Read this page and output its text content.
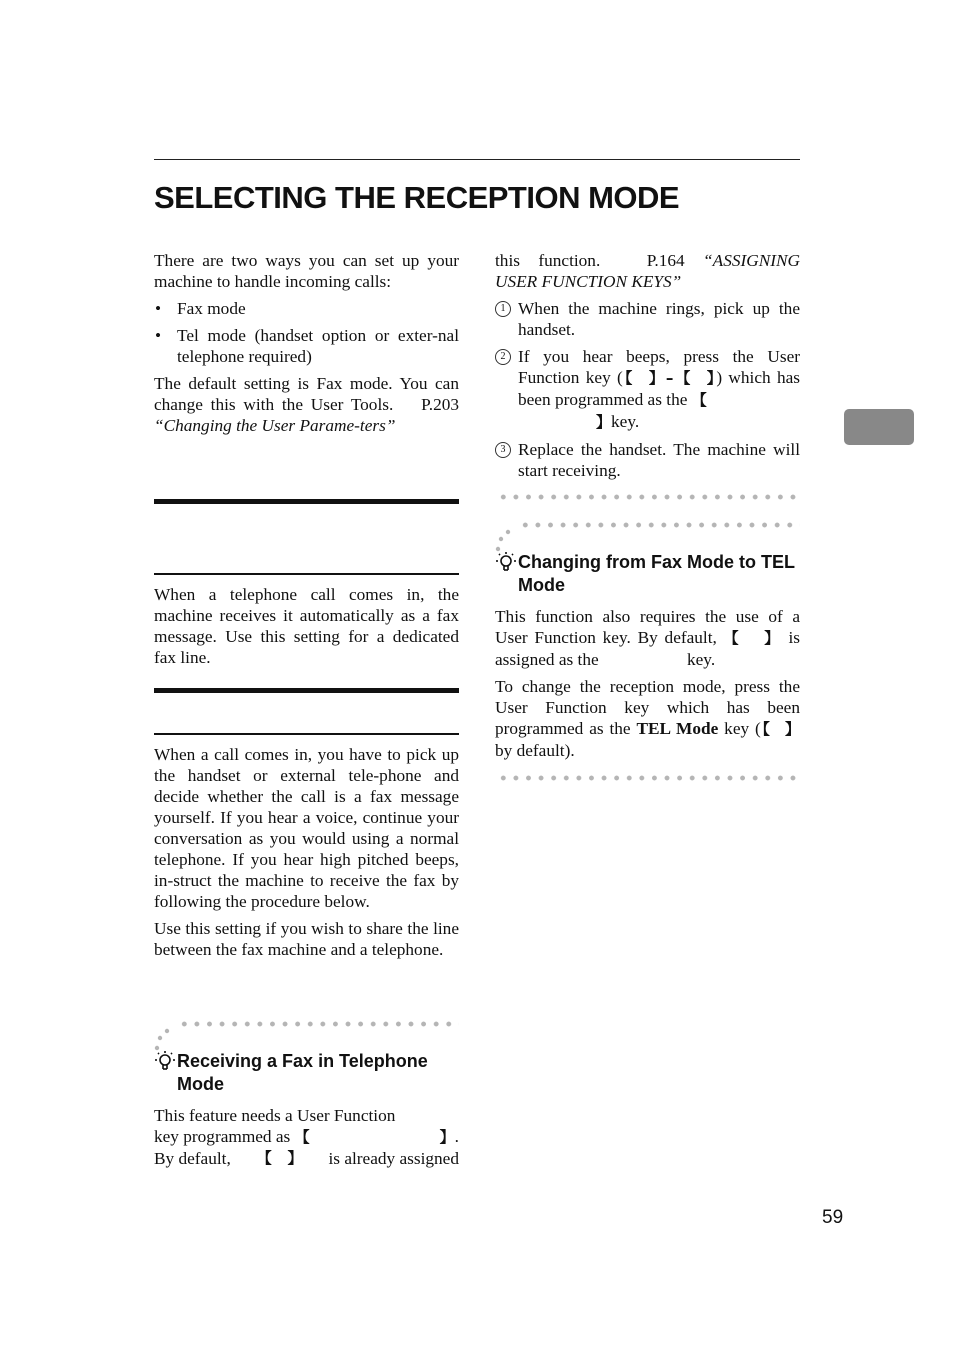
SELECTING THE RECEPTION MODE

There are two ways you can set up your machine to handle incoming calls:

• Fax mode
• Tel mode (handset option or exter-nal telephone required)

The default setting is Fax mode. You can change this with the User Tools. P.203 “Changing the User Parame-ters”

When a telephone call comes in, the machine receives it automatically as a fax message. Use this setting for a dedicated fax line.

When a call comes in, you have to pick up the handset or external tele-phone and decide whether the call is a fax message yourself. If you hear a voice, continue your conversation as you would using a normal telephone. If you hear high pitched beeps, in-struct the machine to receive the fax by following the procedure below.

Use this setting if you wish to share the line between the fax machine and a telephone.

Receiving a Fax in Telephone Mode
This feature needs a User Function
key programmed as 【	】.
By default, 【   】 is already assigned

this function.	P.164 “ASSIGNING USER FUNCTION KEYS”

1 When the machine rings, pick up the handset.
2 If you hear beeps, press the User Function key (【  】–【  】) which has been programmed as the 【
】key.
3 Replace the handset. The machine will start receiving.
Changing from Fax Mode to TEL Mode

This function also requires the use of a User Function key. By default, 【   】 is assigned as the	key.

To change the reception mode, press the User Function key which has been programmed as the TEL Mode key (【  】by default).

59
